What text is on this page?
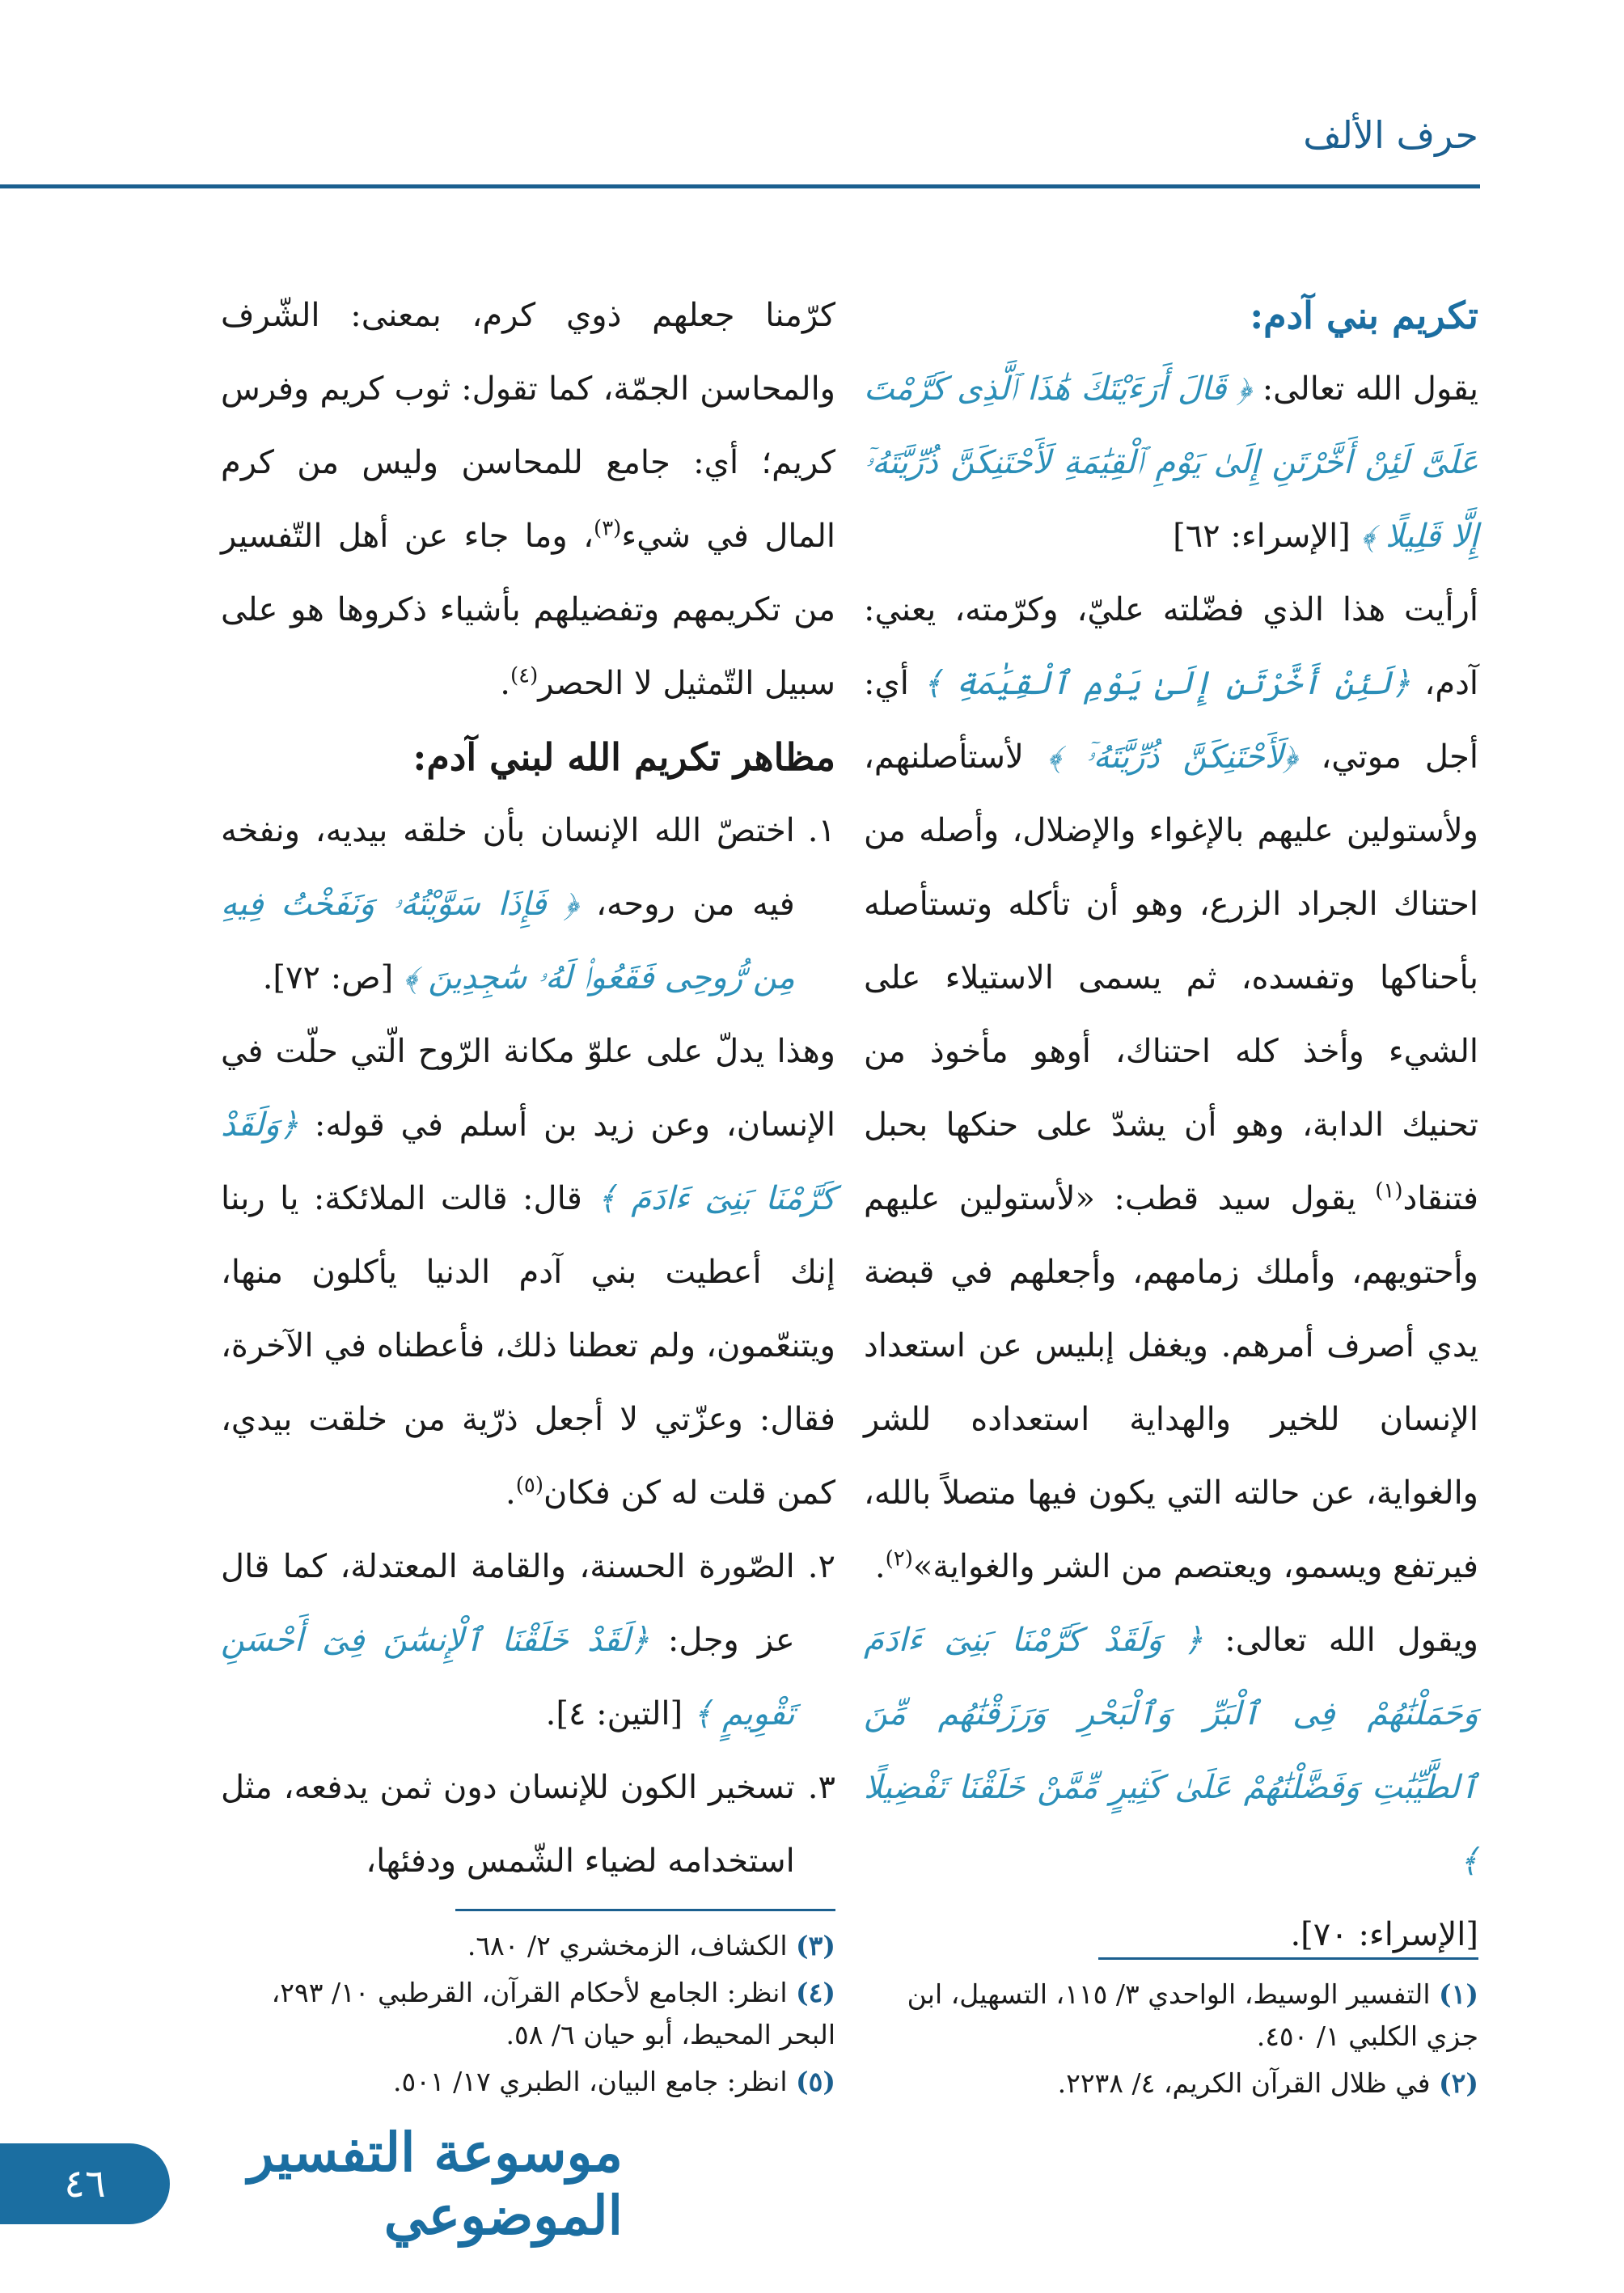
حرف الألف

تكريم بني آدم:

يقول الله تعالى: ﴿ قَالَ أَرَءَيْتَكَ هَٰذَا ٱلَّذِى كَرَّمْتَ عَلَىَّ لَئِنْ أَخَّرْتَنِ إِلَىٰ يَوْمِ ٱلْقِيَٰمَةِ لَأَحْتَنِكَنَّ ذُرِّيَّتَهُۥٓ إِلَّا قَلِيلًا ﴾ [الإسراء: ٦٢]

أرأيت هذا الذي فضّلته عليّ، وكرّمته، يعني: آدم، ﴿لَئِنْ أَخَّرْتَنِ إِلَىٰ يَوْمِ ٱلْقِيَٰمَةِ ﴾ أي: أجل موتي، ﴿لَأَحْتَنِكَنَّ ذُرِّيَّتَهُۥٓ ﴾ لأستأصلنهم، ولأستولين عليهم بالإغواء والإضلال، وأصله من احتناك الجراد الزرع، وهو أن تأكله وتستأصله بأحناكها وتفسده، ثم يسمى الاستيلاء على الشيء وأخذ كله احتناك، أوهو مأخوذ من تحنيك الدابة، وهو أن يشدّ على حنكها بحبل فتنقاد$^{(١)}$ يقول سيد قطب: «لأستولين عليهم وأحتويهم، وأملك زمامهم، وأجعلهم في قبضة يدي أصرف أمرهم. ويغفل إبليس عن استعداد الإنسان للخير والهداية استعداده للشر والغواية، عن حالته التي يكون فيها متصلاً بالله، فيرتفع ويسمو، ويعتصم من الشر والغواية»$^{(٢)}$.

ويقول الله تعالى: ﴿ وَلَقَدْ كَرَّمْنَا بَنِىٓ ءَادَمَ وَحَمَلْنَٰهُمْ فِى ٱلْبَرِّ وَٱلْبَحْرِ وَرَزَقْنَٰهُم مِّنَ ٱلطَّيِّبَٰتِ وَفَضَّلْنَٰهُمْ عَلَىٰ كَثِيرٍ مِّمَّنْ خَلَقْنَا تَفْضِيلًا ﴾

[الإسراء: ٧٠].

كرّمنا جعلهم ذوي كرم، بمعنى: الشّرف والمحاسن الجمّة، كما تقول: ثوب كريم وفرس كريم؛ أي: جامع للمحاسن وليس من كرم المال في شيء$^{(٣)}$، وما جاء عن أهل التّفسير من تكريمهم وتفضيلهم بأشياء ذكروها هو على سبيل التّمثيل لا الحصر$^{(٤)}$.

مظاهر تكريم الله لبني آدم:

١.

اختصّ الله الإنسان بأن خلقه بيديه، ونفخه فيه من روحه، ﴿ فَإِذَا سَوَّيْتُهُۥ وَنَفَخْتُ فِيهِ مِن رُّوحِى فَقَعُوا۟ لَهُۥ سَٰجِدِينَ ﴾ [ص: ٧٢].

وهذا يدلّ على علوّ مكانة الرّوح الّتي حلّت في الإنسان، وعن زيد بن أسلم في قوله: ﴿وَلَقَدْ كَرَّمْنَا بَنِىٓ ءَادَمَ ﴾ قال: قالت الملائكة: يا ربنا إنك أعطيت بني آدم الدنيا يأكلون منها، ويتنعّمون، ولم تعطنا ذلك، فأعطناه في الآخرة، فقال: وعزّتي لا أجعل ذرّية من خلقت بيدي، كمن قلت له كن فكان$^{(٥)}$.

٢.

الصّورة الحسنة، والقامة المعتدلة، كما قال عز وجل: ﴿لَقَدْ خَلَقْنَا ٱلْإِنسَٰنَ فِىٓ أَحْسَنِ تَقْوِيمٍ ﴾ [التين: ٤].

٣.

تسخير الكون للإنسان دون ثمن يدفعه، مثل استخدامه لضياء الشّمس ودفئها،

(٣) الكشاف، الزمخشري ٢/ ٦٨٠.

(٤) انظر: الجامع لأحكام القرآن، القرطبي ١٠/ ٢٩٣، البحر المحيط، أبو حيان ٦/ ٥٨.

(٥) انظر: جامع البيان، الطبري ١٧/ ٥٠١.

(١) التفسير الوسيط، الواحدي ٣/ ١١٥، التسهيل، ابن جزي الكلبي ١/ ٤٥٠.

(٢) في ظلال القرآن الكريم، ٤/ ٢٢٣٨.

موسوعة التفسير الموضوعي
٤٦
